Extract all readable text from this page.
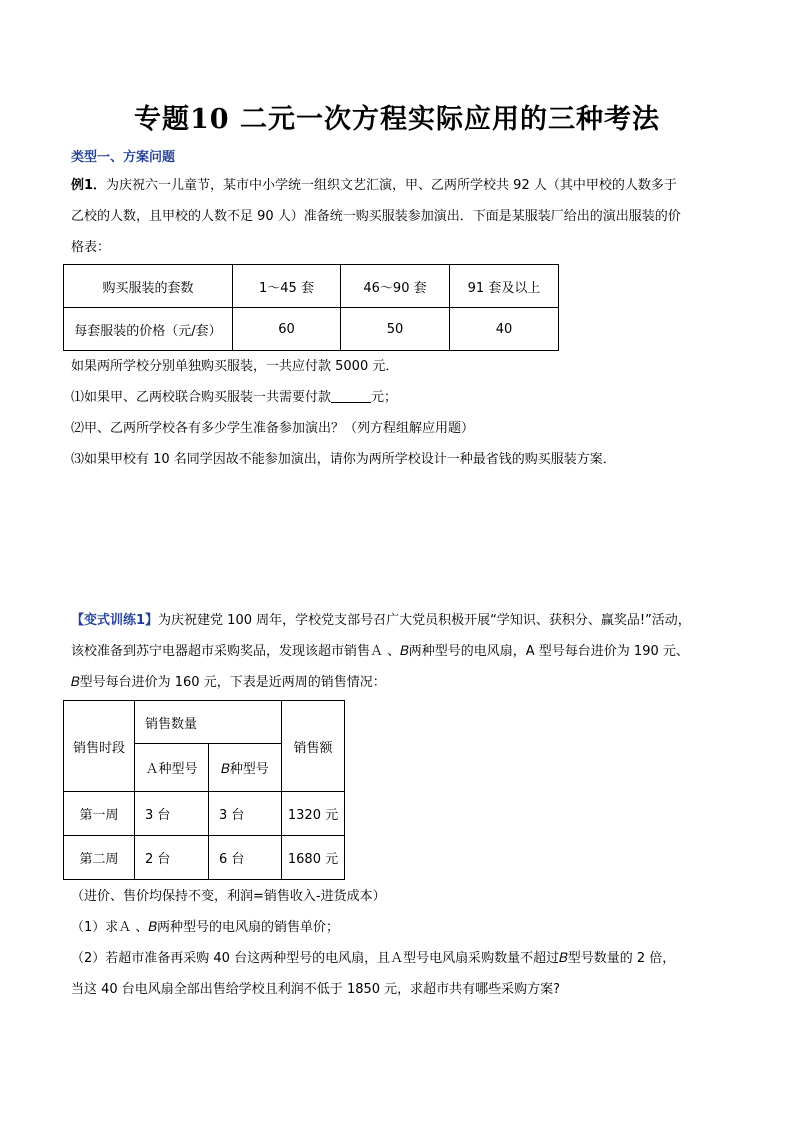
专题10 二元一次方程实际应用的三种考法
类型一、方案问题

例1．为庆祝六一儿童节，某市中小学统一组织文艺汇演，甲、乙两所学校共 92 人（其中甲校的人数多于

乙校的人数，且甲校的人数不足 90 人）准备统一购买服装参加演出．下面是某服装厂给出的演出服装的价

格表：

购买服装的套数	1～45 套	46～90 套	91 套及以上
每套服装的价格（元/套）	60	50	40

如果两所学校分别单独购买服装，一共应付款 5000 元．

⑴如果甲、乙两校联合购买服装一共需要付款	元；

⑵甲、乙两所学校各有多少学生准备参加演出？（列方程组解应用题）

⑶如果甲校有 10 名同学因故不能参加演出，请你为两所学校设计一种最省钱的购买服装方案．

【变式训练1】为庆祝建党 100 周年，学校党支部号召广大党员积极开展“学知识、获积分、赢奖品!”活动，

该校准备到苏宁电器超市采购奖品，发现该超市销售Ａ 、𝐵两种型号的电风扇，A 型号每台进价为 190 元、

𝐵型号每台进价为 160 元，下表是近两周的销售情况：

销售时段	销售数量		销售额
	Ａ种型号	𝐵种型号	
第一周	3 台	3 台	1320 元
第二周	2 台	6 台	1680 元

（进价、售价均保持不变，利润=销售收入-进货成本）

（1）求Ａ 、𝐵两种型号的电风扇的销售单价；

（2）若超市准备再采购 40 台这两种型号的电风扇，且Ａ型号电风扇采购数量不超过𝐵型号数量的 2 倍，

当这 40 台电风扇全部出售给学校且利润不低于 1850 元，求超市共有哪些采购方案?
